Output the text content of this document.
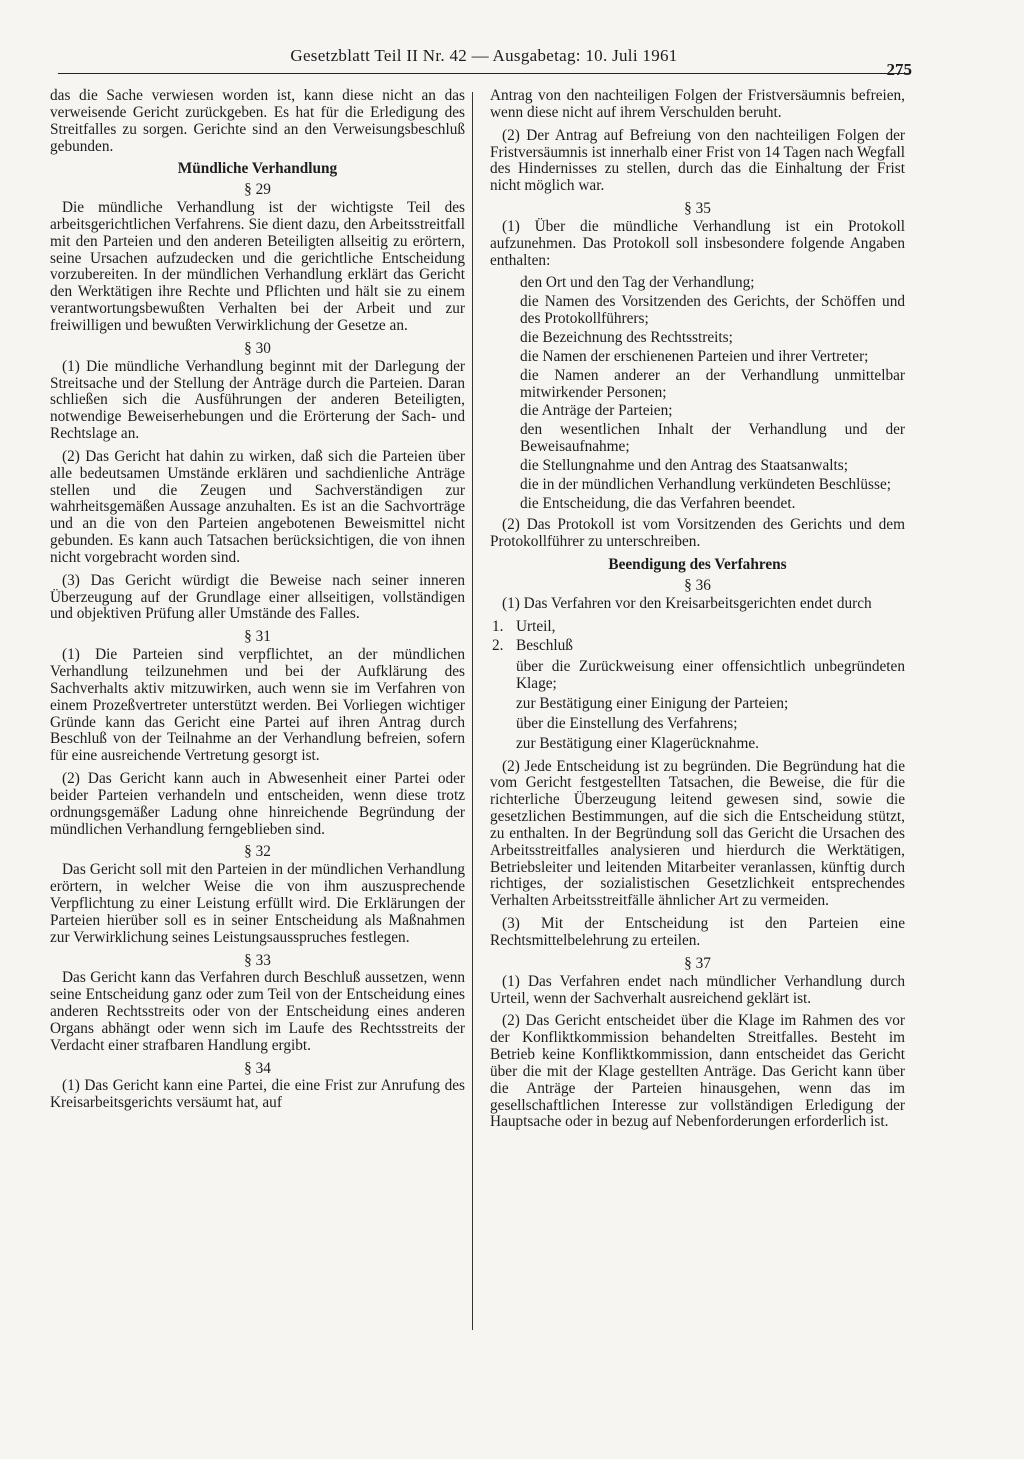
Gesetzblatt Teil II Nr. 42 — Ausgabetag: 10. Juli 1961
275

das die Sache verwiesen worden ist, kann diese nicht an das verweisende Gericht zurückgeben. Es hat für die Erledigung des Streitfalles zu sorgen. Gerichte sind an den Verweisungsbeschluß gebunden.

Mündliche Verhandlung
§ 29

Die mündliche Verhandlung ist der wichtigste Teil des arbeitsgerichtlichen Verfahrens. Sie dient dazu, den Arbeitsstreitfall mit den Parteien und den anderen Beteiligten allseitig zu erörtern, seine Ursachen aufzudecken und die gerichtliche Entscheidung vorzubereiten. In der mündlichen Verhandlung erklärt das Gericht den Werktätigen ihre Rechte und Pflichten und hält sie zu einem verantwortungsbewußten Verhalten bei der Arbeit und zur freiwilligen und bewußten Verwirklichung der Gesetze an.

§ 30

(1) Die mündliche Verhandlung beginnt mit der Darlegung der Streitsache und der Stellung der Anträge durch die Parteien. Daran schließen sich die Ausführungen der anderen Beteiligten, notwendige Beweiserhebungen und die Erörterung der Sach- und Rechtslage an.

(2) Das Gericht hat dahin zu wirken, daß sich die Parteien über alle bedeutsamen Umstände erklären und sachdienliche Anträge stellen und die Zeugen und Sachverständigen zur wahrheitsgemäßen Aussage anzuhalten. Es ist an die Sachvorträge und an die von den Parteien angebotenen Beweismittel nicht gebunden. Es kann auch Tatsachen berücksichtigen, die von ihnen nicht vorgebracht worden sind.

(3) Das Gericht würdigt die Beweise nach seiner inneren Überzeugung auf der Grundlage einer allseitigen, vollständigen und objektiven Prüfung aller Umstände des Falles.

§ 31

(1) Die Parteien sind verpflichtet, an der mündlichen Verhandlung teilzunehmen und bei der Aufklärung des Sachverhalts aktiv mitzuwirken, auch wenn sie im Verfahren von einem Prozeßvertreter unterstützt werden. Bei Vorliegen wichtiger Gründe kann das Gericht eine Partei auf ihren Antrag durch Beschluß von der Teilnahme an der Verhandlung befreien, sofern für eine ausreichende Vertretung gesorgt ist.

(2) Das Gericht kann auch in Abwesenheit einer Partei oder beider Parteien verhandeln und entscheiden, wenn diese trotz ordnungsgemäßer Ladung ohne hinreichende Begründung der mündlichen Verhandlung ferngeblieben sind.

§ 32

Das Gericht soll mit den Parteien in der mündlichen Verhandlung erörtern, in welcher Weise die von ihm auszusprechende Verpflichtung zu einer Leistung erfüllt wird. Die Erklärungen der Parteien hierüber soll es in seiner Entscheidung als Maßnahmen zur Verwirklichung seines Leistungsausspruches festlegen.

§ 33

Das Gericht kann das Verfahren durch Beschluß aussetzen, wenn seine Entscheidung ganz oder zum Teil von der Entscheidung eines anderen Rechtsstreits oder von der Entscheidung eines anderen Organs abhängt oder wenn sich im Laufe des Rechtsstreits der Verdacht einer strafbaren Handlung ergibt.

§ 34

(1) Das Gericht kann eine Partei, die eine Frist zur Anrufung des Kreisarbeitsgerichts versäumt hat, auf

Antrag von den nachteiligen Folgen der Fristversäumnis befreien, wenn diese nicht auf ihrem Verschulden beruht.

(2) Der Antrag auf Befreiung von den nachteiligen Folgen der Fristversäumnis ist innerhalb einer Frist von 14 Tagen nach Wegfall des Hindernisses zu stellen, durch das die Einhaltung der Frist nicht möglich war.

§ 35

(1) Über die mündliche Verhandlung ist ein Protokoll aufzunehmen. Das Protokoll soll insbesondere folgende Angaben enthalten:

den Ort und den Tag der Verhandlung;
die Namen des Vorsitzenden des Gerichts, der Schöffen und des Protokollführers;
die Bezeichnung des Rechtsstreits;
die Namen der erschienenen Parteien und ihrer Vertreter;
die Namen anderer an der Verhandlung unmittelbar mitwirkender Personen;
die Anträge der Parteien;
den wesentlichen Inhalt der Verhandlung und der Beweisaufnahme;
die Stellungnahme und den Antrag des Staatsanwalts;
die in der mündlichen Verhandlung verkündeten Beschlüsse;
die Entscheidung, die das Verfahren beendet.

(2) Das Protokoll ist vom Vorsitzenden des Gerichts und dem Protokollführer zu unterschreiben.

Beendigung des Verfahrens
§ 36

(1) Das Verfahren vor den Kreisarbeitsgerichten endet durch

1. Urteil,
2. Beschluß
über die Zurückweisung einer offensichtlich unbegründeten Klage;
zur Bestätigung einer Einigung der Parteien;
über die Einstellung des Verfahrens;
zur Bestätigung einer Klagerücknahme.

(2) Jede Entscheidung ist zu begründen. Die Begründung hat die vom Gericht festgestellten Tatsachen, die Beweise, die für die richterliche Überzeugung leitend gewesen sind, sowie die gesetzlichen Bestimmungen, auf die sich die Entscheidung stützt, zu enthalten. In der Begründung soll das Gericht die Ursachen des Arbeitsstreitfalles analysieren und hierdurch die Werktätigen, Betriebsleiter und leitenden Mitarbeiter veranlassen, künftig durch richtiges, der sozialistischen Gesetzlichkeit entsprechendes Verhalten Arbeitsstreitfälle ähnlicher Art zu vermeiden.

(3) Mit der Entscheidung ist den Parteien eine Rechtsmittelbelehrung zu erteilen.

§ 37

(1) Das Verfahren endet nach mündlicher Verhandlung durch Urteil, wenn der Sachverhalt ausreichend geklärt ist.

(2) Das Gericht entscheidet über die Klage im Rahmen des vor der Konfliktkommission behandelten Streitfalles. Besteht im Betrieb keine Konfliktkommission, dann entscheidet das Gericht über die mit der Klage gestellten Anträge. Das Gericht kann über die Anträge der Parteien hinausgehen, wenn das im gesellschaftlichen Interesse zur vollständigen Erledigung der Hauptsache oder in bezug auf Nebenforderungen erforderlich ist.
